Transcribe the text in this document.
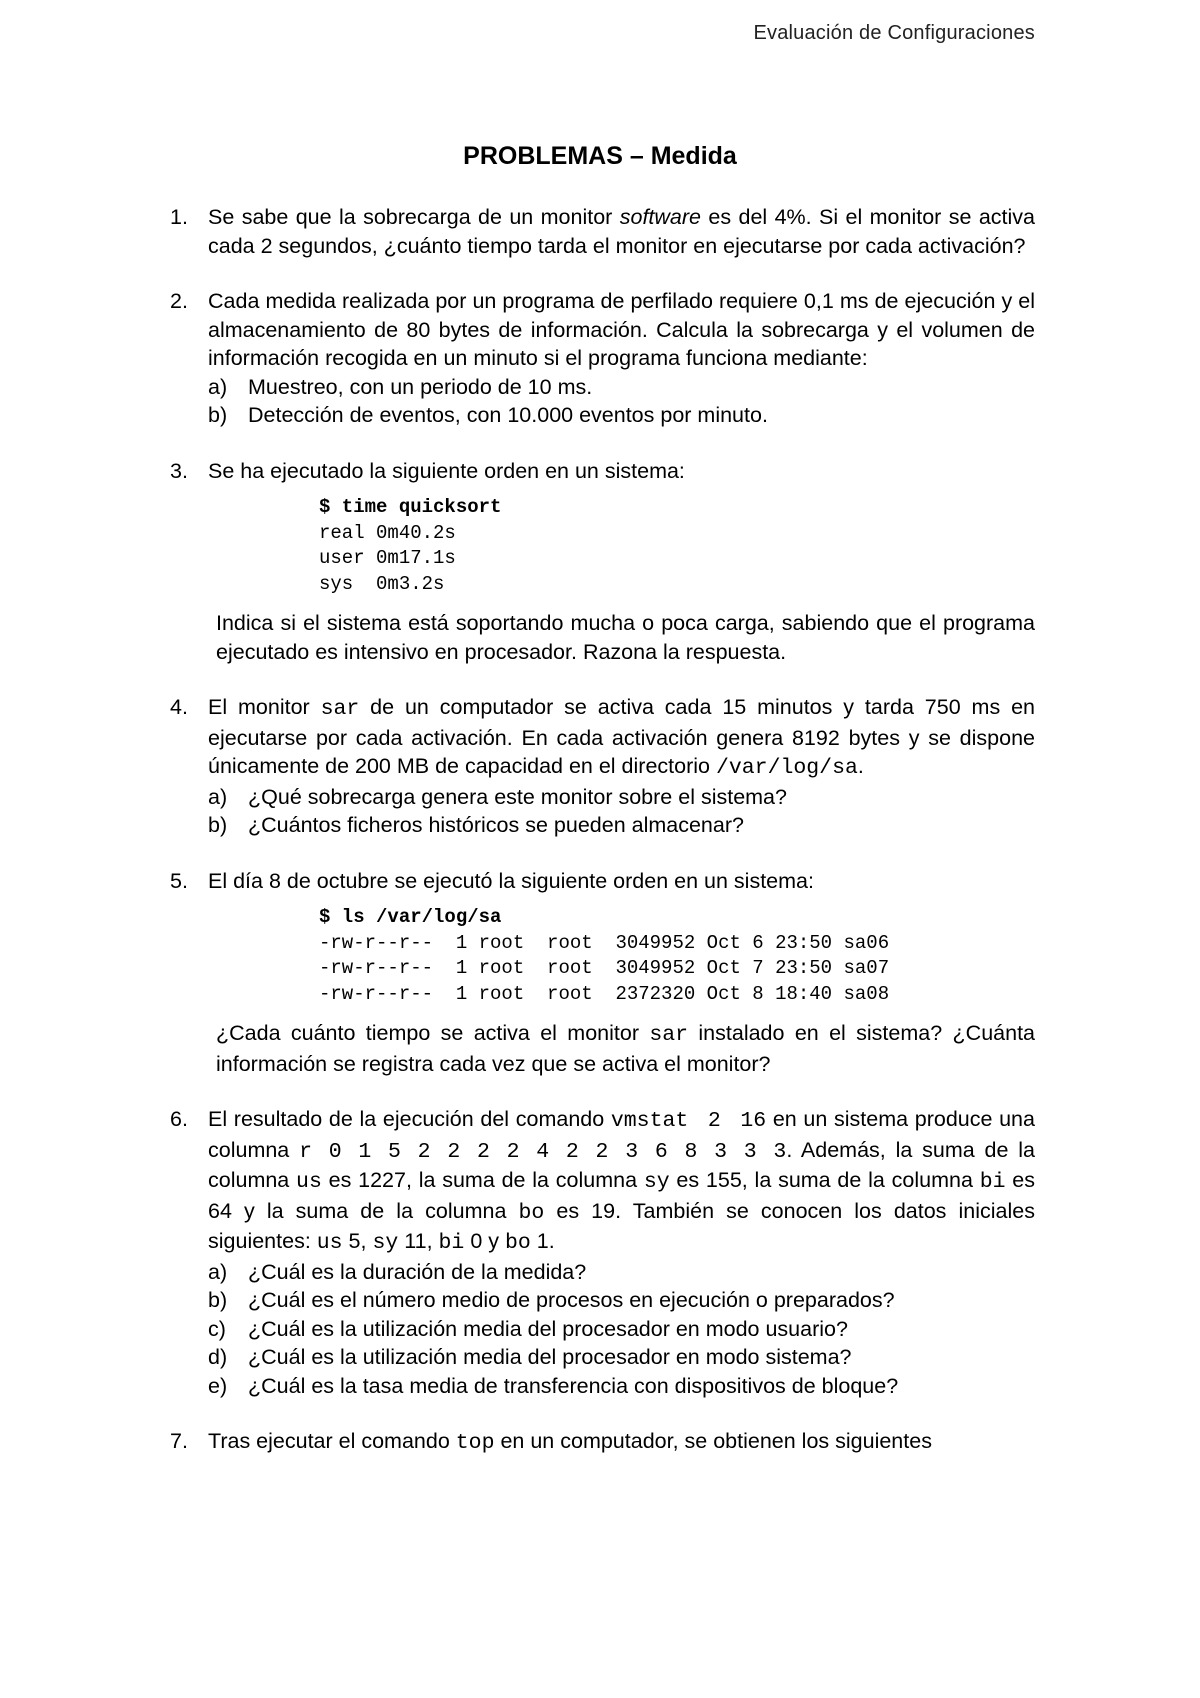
Evaluación de Configuraciones
PROBLEMAS – Medida
1. Se sabe que la sobrecarga de un monitor software es del 4%. Si el monitor se activa cada 2 segundos, ¿cuánto tiempo tarda el monitor en ejecutarse por cada activación?
2. Cada medida realizada por un programa de perfilado requiere 0,1 ms de ejecución y el almacenamiento de 80 bytes de información. Calcula la sobrecarga y el volumen de información recogida en un minuto si el programa funciona mediante:
a) Muestreo, con un periodo de 10 ms.
b) Detección de eventos, con 10.000 eventos por minuto.
3. Se ha ejecutado la siguiente orden en un sistema:
$ time quicksort
real 0m40.2s
user 0m17.1s
sys  0m3.2s
Indica si el sistema está soportando mucha o poca carga, sabiendo que el programa ejecutado es intensivo en procesador. Razona la respuesta.
4. El monitor sar de un computador se activa cada 15 minutos y tarda 750 ms en ejecutarse por cada activación. En cada activación genera 8192 bytes y se dispone únicamente de 200 MB de capacidad en el directorio /var/log/sa.
a) ¿Qué sobrecarga genera este monitor sobre el sistema?
b) ¿Cuántos ficheros históricos se pueden almacenar?
5. El día 8 de octubre se ejecutó la siguiente orden en un sistema:
$ ls /var/log/sa
-rw-r--r--  1 root  root  3049952 Oct 6 23:50 sa06
-rw-r--r--  1 root  root  3049952 Oct 7 23:50 sa07
-rw-r--r--  1 root  root  2372320 Oct 8 18:40 sa08
¿Cada cuánto tiempo se activa el monitor sar instalado en el sistema? ¿Cuánta información se registra cada vez que se activa el monitor?
6. El resultado de la ejecución del comando vmstat 2 16 en un sistema produce una columna r 0 1 5 2 2 2 2 4 2 2 3 6 8 3 3 3. Además, la suma de la columna us es 1227, la suma de la columna sy es 155, la suma de la columna bi es 64 y la suma de la columna bo es 19. También se conocen los datos iniciales siguientes: us 5, sy 11, bi 0 y bo 1.
a) ¿Cuál es la duración de la medida?
b) ¿Cuál es el número medio de procesos en ejecución o preparados?
c) ¿Cuál es la utilización media del procesador en modo usuario?
d) ¿Cuál es la utilización media del procesador en modo sistema?
e) ¿Cuál es la tasa media de transferencia con dispositivos de bloque?
7. Tras ejecutar el comando top en un computador, se obtienen los siguientes
